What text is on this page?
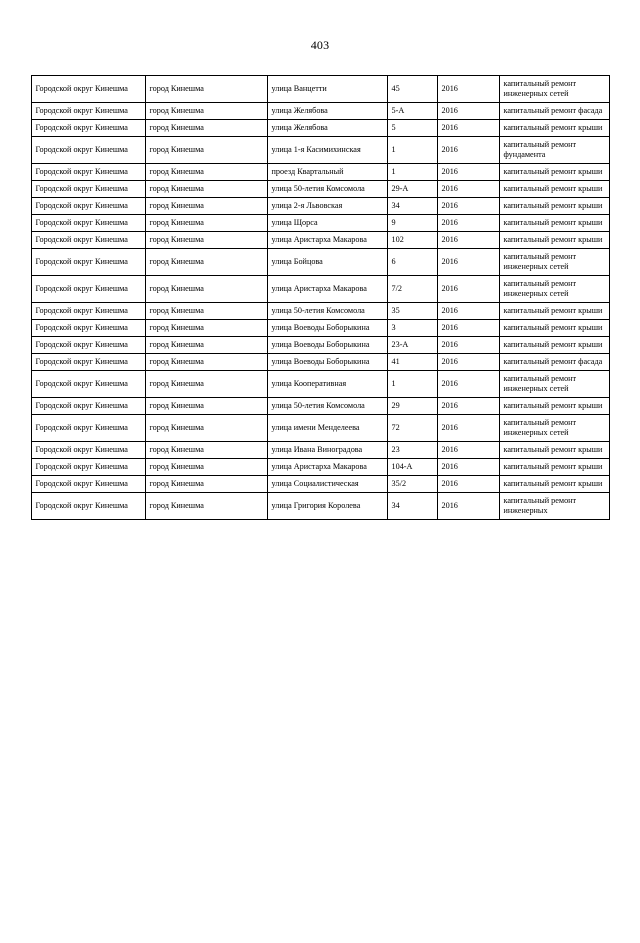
403
Городской округ Кинешма	город Кинешма	улица Ванцетти	45	2016	капитальный ремонт инженерных сетей
Городской округ Кинешма	город Кинешма	улица Желябова	5-А	2016	капитальный ремонт фасада
Городской округ Кинешма	город Кинешма	улица Желябова	5	2016	капитальный ремонт крыши
Городской округ Кинешма	город Кинешма	улица 1-я Касимихинская	1	2016	капитальный ремонт фундамента
Городской округ Кинешма	город Кинешма	проезд Квартальный	1	2016	капитальный ремонт крыши
Городской округ Кинешма	город Кинешма	улица 50-летия Комсомола	29-А	2016	капитальный ремонт крыши
Городской округ Кинешма	город Кинешма	улица 2-я Львовская	34	2016	капитальный ремонт крыши
Городской округ Кинешма	город Кинешма	улица Щорса	9	2016	капитальный ремонт крыши
Городской округ Кинешма	город Кинешма	улица Аристарха Макарова	102	2016	капитальный ремонт крыши
Городской округ Кинешма	город Кинешма	улица Бойцова	6	2016	капитальный ремонт инженерных сетей
Городской округ Кинешма	город Кинешма	улица Аристарха Макарова	7/2	2016	капитальный ремонт инженерных сетей
Городской округ Кинешма	город Кинешма	улица 50-летия Комсомола	35	2016	капитальный ремонт крыши
Городской округ Кинешма	город Кинешма	улица Воеводы Боборыкина	3	2016	капитальный ремонт крыши
Городской округ Кинешма	город Кинешма	улица Воеводы Боборыкина	23-А	2016	капитальный ремонт крыши
Городской округ Кинешма	город Кинешма	улица Воеводы Боборыкина	41	2016	капитальный ремонт фасада
Городской округ Кинешма	город Кинешма	улица Кооперативная	1	2016	капитальный ремонт инженерных сетей
Городской округ Кинешма	город Кинешма	улица 50-летия Комсомола	29	2016	капитальный ремонт крыши
Городской округ Кинешма	город Кинешма	улица имени Менделеева	72	2016	капитальный ремонт инженерных сетей
Городской округ Кинешма	город Кинешма	улица Ивана Виноградова	23	2016	капитальный ремонт крыши
Городской округ Кинешма	город Кинешма	улица Аристарха Макарова	104-А	2016	капитальный ремонт крыши
Городской округ Кинешма	город Кинешма	улица Социалистическая	35/2	2016	капитальный ремонт крыши
Городской округ Кинешма	город Кинешма	улица Григория Королева	34	2016	капитальный ремонт инженерных
